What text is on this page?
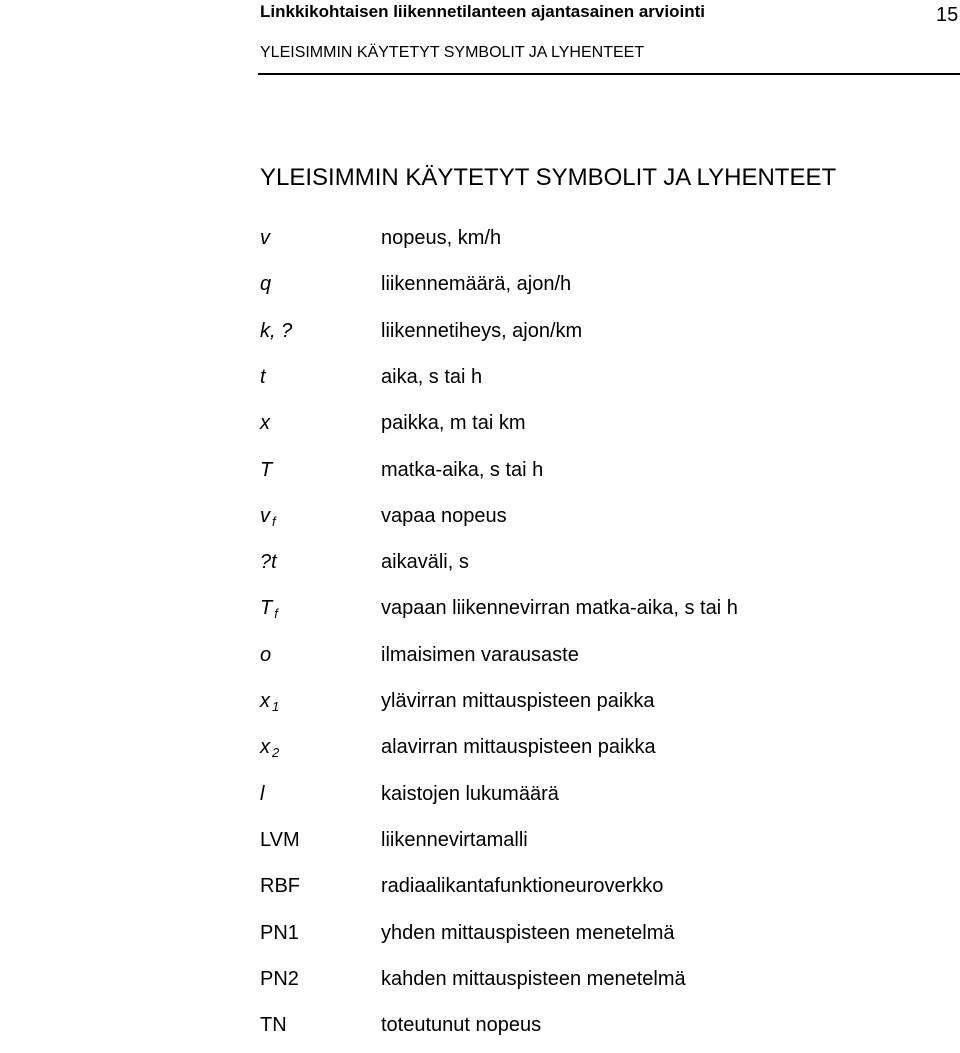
Linkkikohtaisen liikennetilanteen ajantasainen arviointi	15
YLEISIMMIN KÄYTETYT SYMBOLIT JA LYHENTEET
YLEISIMMIN KÄYTETYT SYMBOLIT JA LYHENTEET
v	nopeus, km/h
q	liikennemäärä, ajon/h
k, ?	liikennetiheys, ajon/km
t	aika, s tai h
x	paikka, m tai km
T	matka-aika, s tai h
v $_f$	vapaa nopeus
?t	aikaväli, s
T $_f$	vapaan liikennevirran matka-aika, s tai h
o	ilmaisimen varausaste
x $_1$	ylävirran mittauspisteen paikka
x $_2$	alavirran mittauspisteen paikka
l	kaistojen lukumäärä
LVM	liikennevirtamalli
RBF	radiaalikantafunktioneuroverkko
PN1	yhden mittauspisteen menetelmä
PN2	kahden mittauspisteen menetelmä
TN	toteutunut nopeus
